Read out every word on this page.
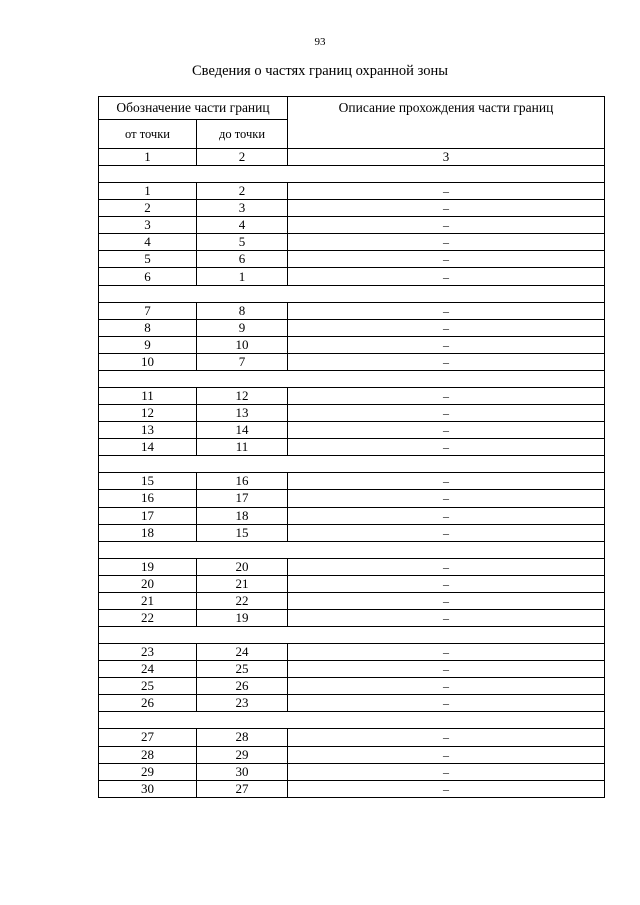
93
Сведения о частях границ охранной зоны
Обозначение части границ		Описание прохождения части границ
от точки	до точки	
1	2	3

1	2	–
2	3	–
3	4	–
4	5	–
5	6	–
6	1	–

7	8	–
8	9	–
9	10	–
10	7	–

11	12	–
12	13	–
13	14	–
14	11	–

15	16	–
16	17	–
17	18	–
18	15	–

19	20	–
20	21	–
21	22	–
22	19	–

23	24	–
24	25	–
25	26	–
26	23	–

27	28	–
28	29	–
29	30	–
30	27	–
